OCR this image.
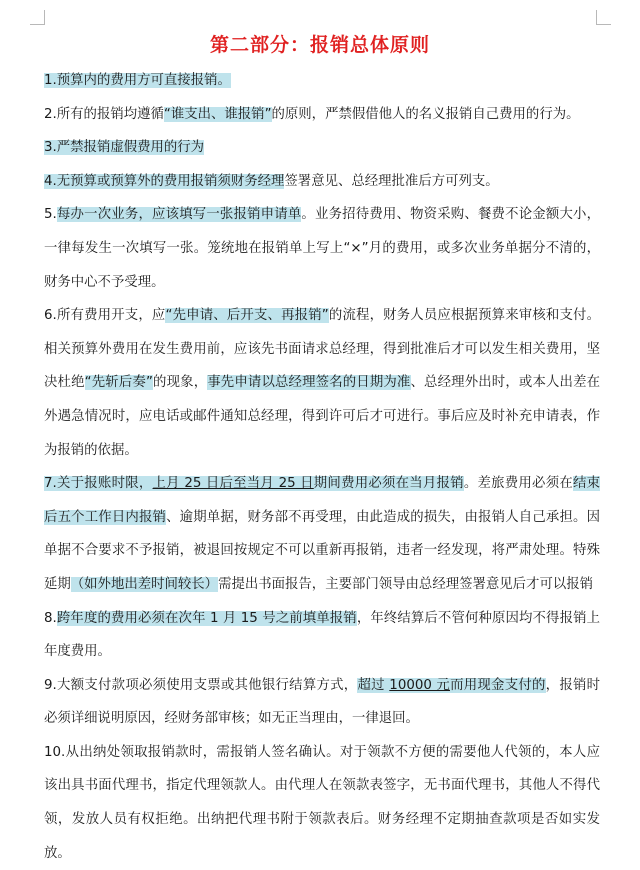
第二部分：报销总体原则
1.预算内的费用方可直接报销。
2.所有的报销均遵循“谁支出、谁报销”的原则，严禁假借他人的名义报销自己费用的行为。
3.严禁报销虚假费用的行为
4.无预算或预算外的费用报销须财务经理签署意见、总经理批准后方可列支。
5.每办一次业务，应该填写一张报销申请单。业务招待费用、物资采购、餐费不论金额大小，一律每发生一次填写一张。笼统地在报销单上写上“×”月的费用，或多次业务单据分不清的，财务中心不予受理。
6.所有费用开支，应“先申请、后开支、再报销”的流程，财务人员应根据预算来审核和支付。相关预算外费用在发生费用前，应该先书面请求总经理，得到批准后才可以发生相关费用，坚决杜绝“先斩后奏”的现象，事先申请以总经理签名的日期为准、总经理外出时，或本人出差在外遇急情况时，应电话或邮件通知总经理，得到许可后才可进行。事后应及时补充申请表，作为报销的依据。
7.关于报账时限，上月 25 日后至当月 25 日期间费用必须在当月报销。差旅费用必须在结束后五个工作日内报销、逾期单据，财务部不再受理，由此造成的损失，由报销人自己承担。因单据不合要求不予报销，被退回按规定不可以重新再报销，违者一经发现，将严肃处理。特殊延期（如外地出差时间较长）需提出书面报告，主要部门领导由总经理签署意见后才可以报销
8.跨年度的费用必须在次年 1 月 15 号之前填单报销，年终结算后不管何种原因均不得报销上年度费用。
9.大额支付款项必须使用支票或其他银行结算方式，超过 10000 元而用现金支付的，报销时必须详细说明原因，经财务部审核；如无正当理由，一律退回。
10.从出纳处领取报销款时，需报销人签名确认。对于领款不方便的需要他人代领的，本人应该出具书面代理书，指定代理领款人。由代理人在领款表签字，无书面代理书，其他人不得代领，发放人员有权拒绝。出纳把代理书附于领款表后。财务经理不定期抽查款项是否如实发放。
